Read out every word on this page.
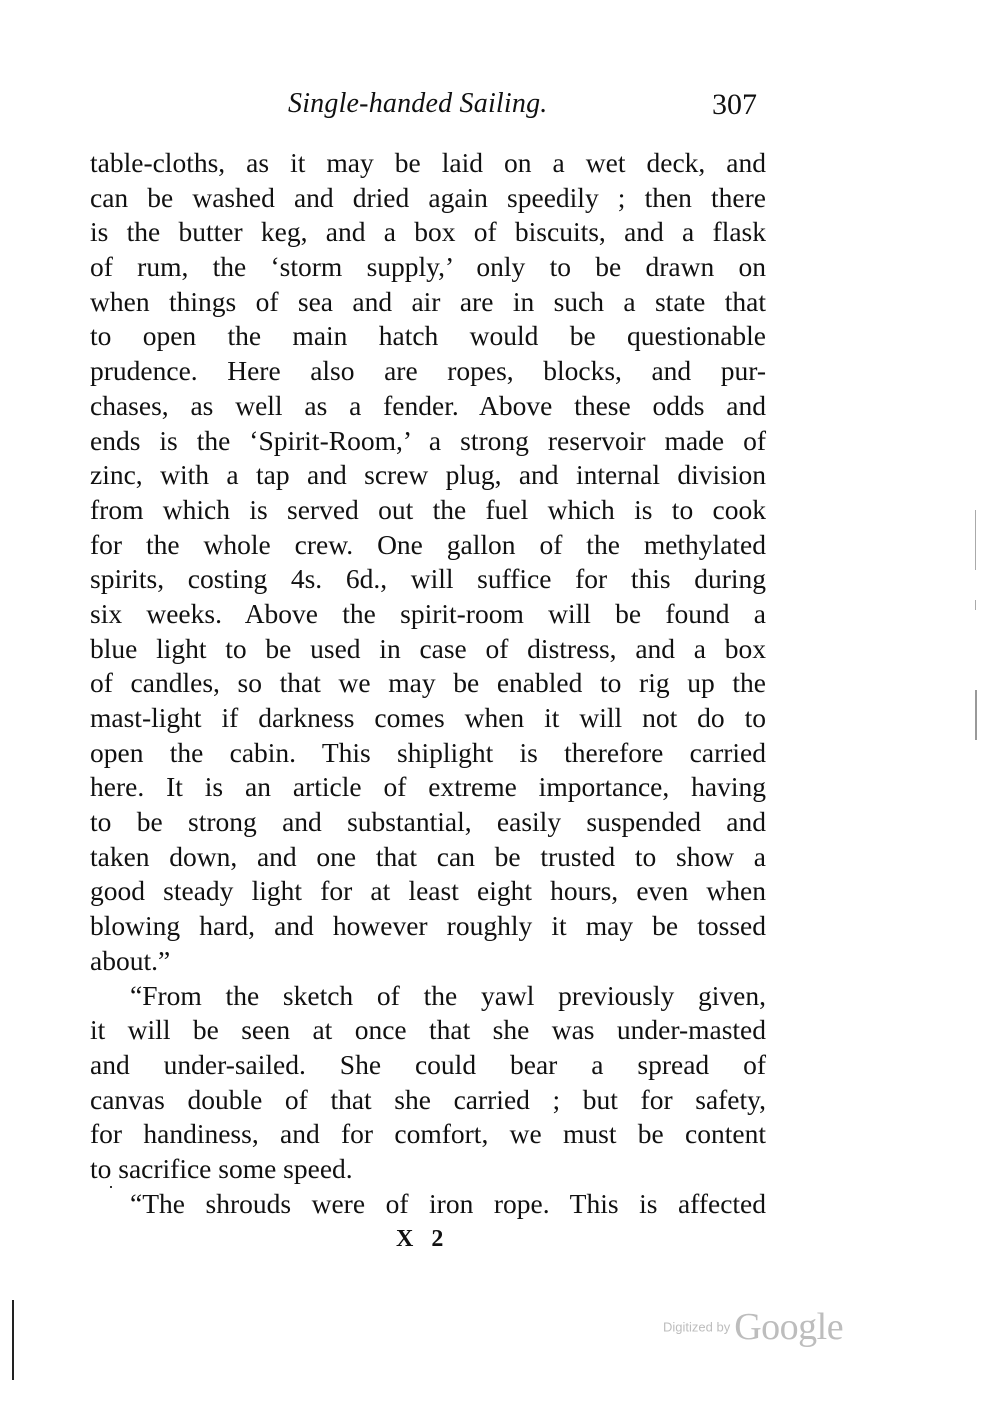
Single-handed Sailing.	307
table-cloths, as it may be laid on a wet deck, and
can be washed and dried again speedily ; then there
is the butter keg, and a box of biscuits, and a flask
of rum, the ‘storm supply,’ only to be drawn on
when things of sea and air are in such a state that
to open the main hatch would be questionable
prudence. Here also are ropes, blocks, and pur-
chases, as well as a fender. Above these odds and
ends is the ‘Spirit-Room,’ a strong reservoir made of
zinc, with a tap and screw plug, and internal division
from which is served out the fuel which is to cook
for the whole crew. One gallon of the methylated
spirits, costing 4s. 6d., will suffice for this during
six weeks. Above the spirit-room will be found a
blue light to be used in case of distress, and a box
of candles, so that we may be enabled to rig up the
mast-light if darkness comes when it will not do to
open the cabin. This shiplight is therefore carried
here. It is an article of extreme importance, having
to be strong and substantial, easily suspended and
taken down, and one that can be trusted to show a
good steady light for at least eight hours, even when
blowing hard, and however roughly it may be tossed
about.”
“From the sketch of the yawl previously given,
it will be seen at once that she was under-masted
and under-sailed. She could bear a spread of
canvas double of that she carried ; but for safety,
for handiness, and for comfort, we must be content
to sacrifice some speed.
“The shrouds were of iron rope. This is affected
X 2
Digitized by Google
